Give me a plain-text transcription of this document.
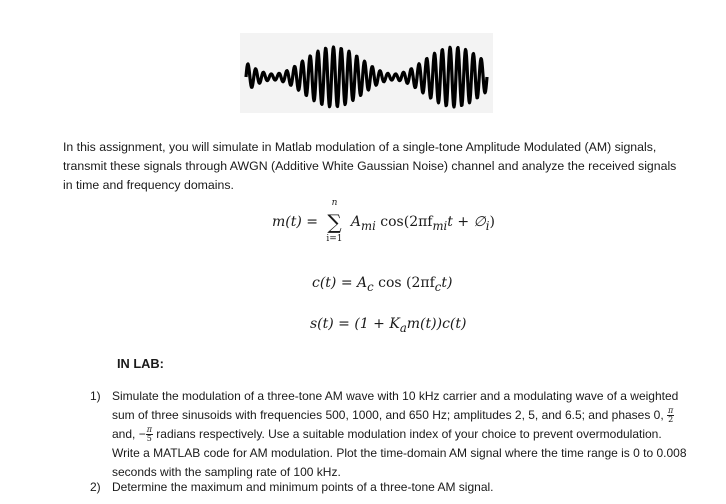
In this assignment, you will simulate in Matlab modulation of a single-tone Amplitude Modulated (AM) signals, transmit these signals through AWGN (Additive White Gaussian Noise) channel and analyze the received signals in time and frequency domains.

m(t) =
n
∑
i=1
$A_{mi}$ $\cos(2\pi f_{mi}t$ + $\emptyset_i$)
$c(t) = A_c$ $\cos (2\pi f_ct)$
$s(t) = (1 + K_am(t))c(t)$

IN LAB:

1) Simulate the modulation of a three-tone AM wave with 10 kHz carrier and a modulating wave of a weighted sum of three sinusoids with frequencies 500, 1000, and 650 Hz; amplitudes 2, 5, and 6.5; and phases 0, $\frac{\pi}{2}$
and, − $\frac{\pi}{5}$ radians respectively. Use a suitable modulation index of your choice to prevent overmodulation. Write a MATLAB code for AM modulation. Plot the time-domain AM signal where the time range is 0 to 0.008 seconds with the sampling rate of 100 kHz.
2) Determine the maximum and minimum points of a three-tone AM signal.
